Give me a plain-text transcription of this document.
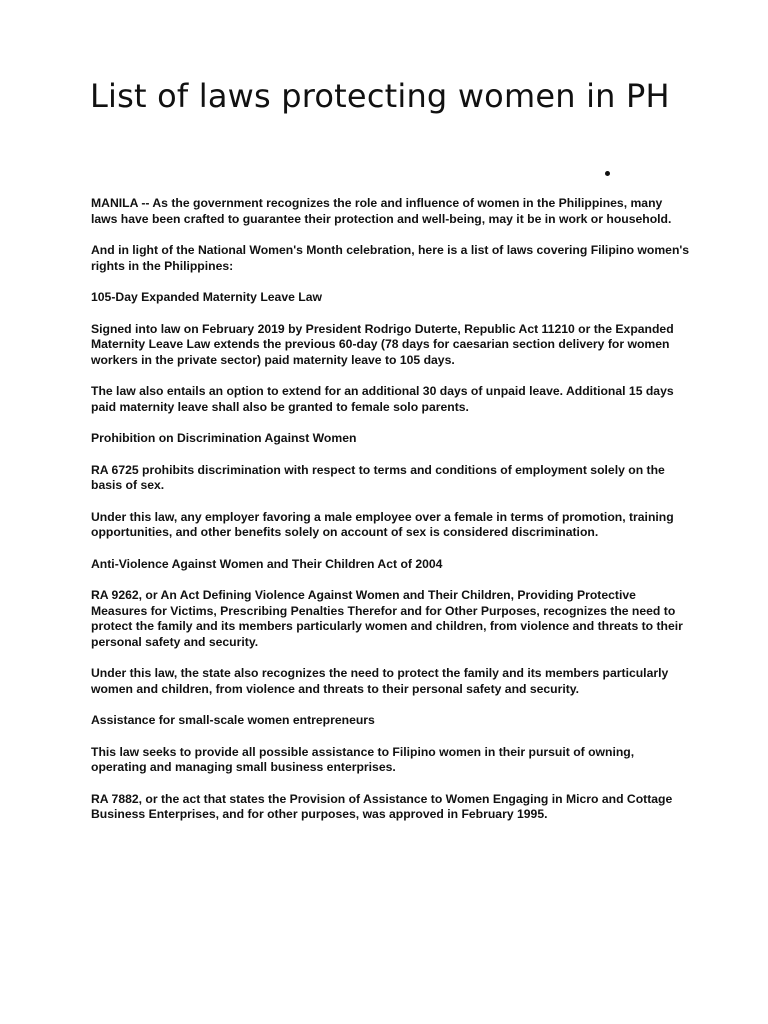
List of laws protecting women in PH

MANILA -- As the government recognizes the role and influence of women in the Philippines, many laws have been crafted to guarantee their protection and well-being, may it be in work or household.

And in light of the National Women's Month celebration, here is a list of laws covering Filipino women's rights in the Philippines:

105-Day Expanded Maternity Leave Law

Signed into law on February 2019 by President Rodrigo Duterte, Republic Act 11210 or the Expanded Maternity Leave Law extends the previous 60-day (78 days for caesarian section delivery for women workers in the private sector) paid maternity leave to 105 days.

The law also entails an option to extend for an additional 30 days of unpaid leave. Additional 15 days paid maternity leave shall also be granted to female solo parents.

Prohibition on Discrimination Against Women

RA 6725 prohibits discrimination with respect to terms and conditions of employment solely on the basis of sex.

Under this law, any employer favoring a male employee over a female in terms of promotion, training opportunities, and other benefits solely on account of sex is considered discrimination.

Anti-Violence Against Women and Their Children Act of 2004

RA 9262, or An Act Defining Violence Against Women and Their Children, Providing Protective Measures for Victims, Prescribing Penalties Therefor and for Other Purposes, recognizes the need to protect the family and its members particularly women and children, from violence and threats to their personal safety and security.

Under this law, the state also recognizes the need to protect the family and its members particularly women and children, from violence and threats to their personal safety and security.

Assistance for small-scale women entrepreneurs

This law seeks to provide all possible assistance to Filipino women in their pursuit of owning, operating and managing small business enterprises.

RA 7882, or the act that states the Provision of Assistance to Women Engaging in Micro and Cottage Business Enterprises, and for other purposes, was approved in February 1995.
